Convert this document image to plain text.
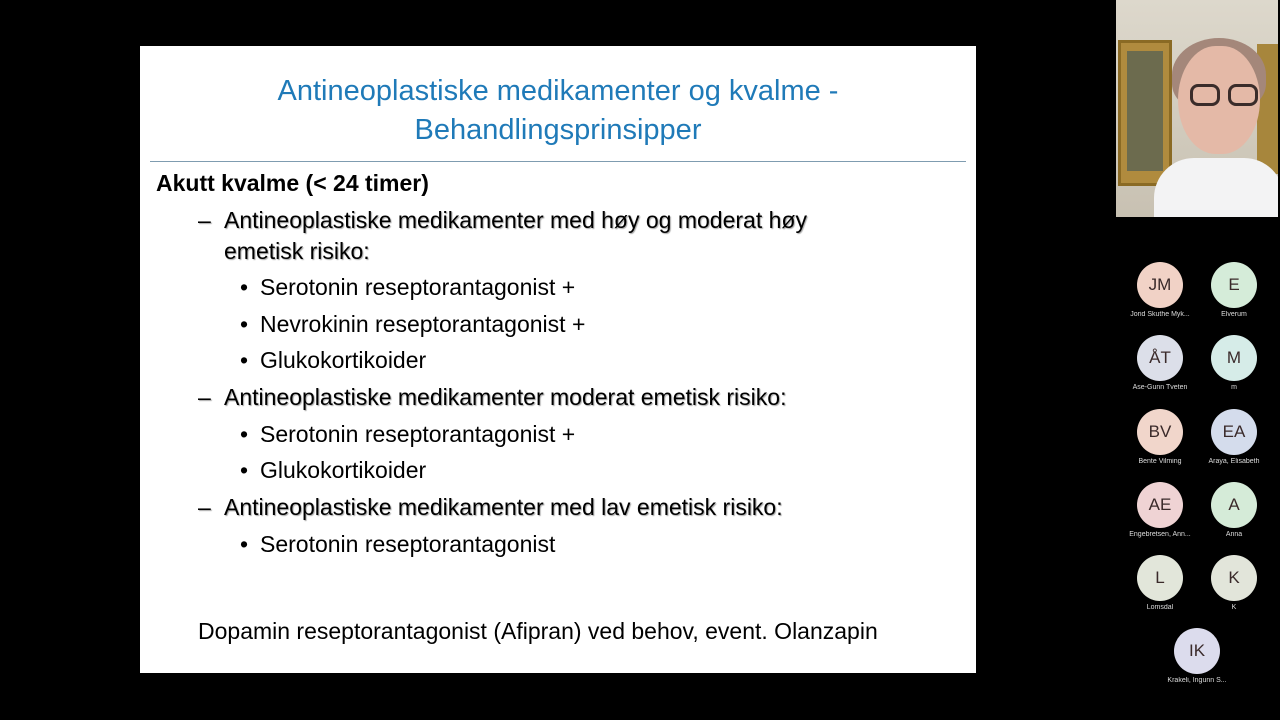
Antineoplastiske medikamenter og kvalme -
Behandlingsprinsipper
Akutt kvalme (< 24 timer)
– Antineoplastiske medikamenter med høy og moderat høy emetisk risiko:
• Serotonin reseptorantagonist +
• Nevrokinin reseptorantagonist +
• Glukokortikoider
– Antineoplastiske medikamenter moderat emetisk risiko:
• Serotonin reseptorantagonist +
• Glukokortikoider
– Antineoplastiske medikamenter med lav emetisk risiko:
• Serotonin reseptorantagonist
Dopamin reseptorantagonist (Afipran) ved behov, event. Olanzapin
JM
Jorid Skuthe Myk...
E
Elverum
ÅT
Åse-Gunn Tveten
M
m
BV
Bente Vilming
EA
Araya, Elisabeth
AE
Engebretsen, Ann...
A
Anna
L
Lomsdal
K
K
IK
Krakeli, Ingunn S...
